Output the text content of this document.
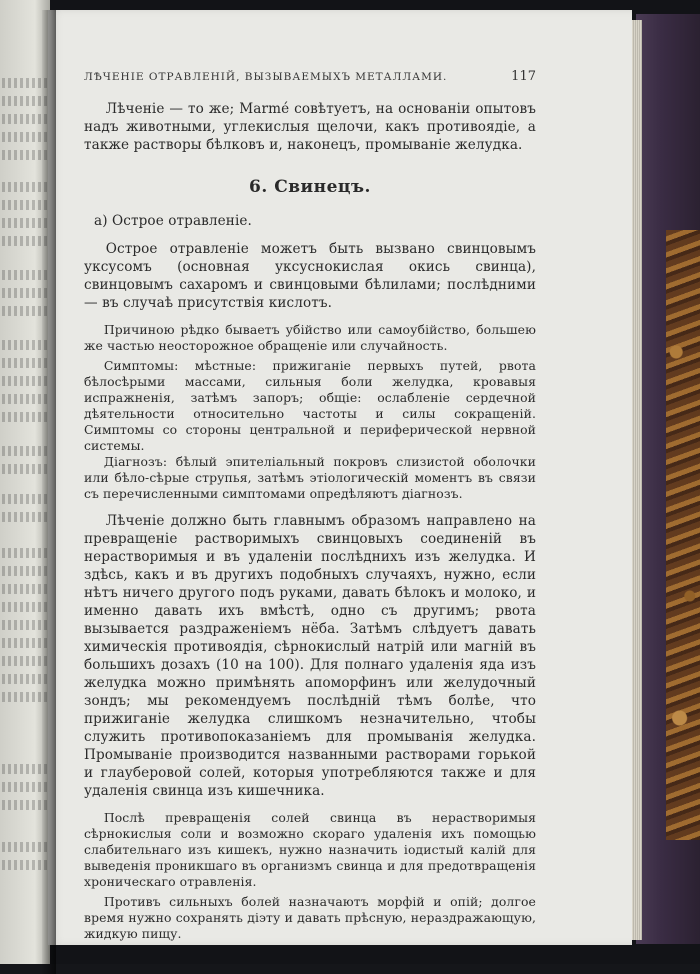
ЛѢЧЕНІЕ ОТРАВЛЕНІЙ, ВЫЗЫВАЕМЫХЪ МЕТАЛЛАМИ.	117

Лѣченіе — то же; Marmé совѣтуетъ, на основаніи опытовъ надъ животными, углекислыя щелочи, какъ противоядіе, а также растворы бѣлковъ и, наконецъ, промываніе желудка.

6. Свинецъ.

а) Острое отравленіе.

Острое отравленіе можетъ быть вызвано свинцовымъ уксусомъ (основная уксуснокислая окись свинца), свинцовымъ сахаромъ и свинцовыми бѣлилами; послѣдними — въ случаѣ присутствія кислотъ.

Причиною рѣдко бываетъ убійство или самоубійство, большею же частью неосторожное обращеніе или случайность.

Симптомы: мѣстные: прижиганіе первыхъ путей, рвота бѣлосѣрыми массами, сильныя боли желудка, кровавыя испражненія, затѣмъ запоръ; общіе: ослабленіе сердечной дѣятельности относительно частоты и силы сокращеній. Симптомы со стороны центральной и периферической нервной системы.

Діагнозъ: бѣлый эпителіальный покровъ слизистой оболочки или бѣло-сѣрые струпья, затѣмъ этіологическій моментъ въ связи съ перечисленными симптомами опредѣляютъ діагнозъ.

Лѣченіе должно быть главнымъ образомъ направлено на превращеніе растворимыхъ свинцовыхъ соединеній въ нерастворимыя и въ удаленіи послѣднихъ изъ желудка. И здѣсь, какъ и въ другихъ подобныхъ случаяхъ, нужно, если нѣтъ ничего другого подъ руками, давать бѣлокъ и молоко, и именно давать ихъ вмѣстѣ, одно съ другимъ; рвота вызывается раздраженіемъ нёба. Затѣмъ слѣдуетъ давать химическія противоядія, сѣрнокислый натрій или магній въ большихъ дозахъ (10 на 100). Для полнаго удаленія яда изъ желудка можно примѣнять апоморфинъ или желудочный зондъ; мы рекомендуемъ послѣдній тѣмъ болѣе, что прижиганіе желудка слишкомъ незначительно, чтобы служить противопоказаніемъ для промыванія желудка. Промываніе производится названными растворами горькой и глауберовой солей, которыя употребляются также и для удаленія свинца изъ кишечника.

Послѣ превращенія солей свинца въ нерастворимыя сѣрнокислыя соли и возможно скораго удаленія ихъ помощью слабительнаго изъ кишекъ, нужно назначить іодистый калій для выведенія проникшаго въ организмъ свинца и для предотвращенія хроническаго отравленія.

Противъ сильныхъ болей назначаютъ морфій и опій; долгое время нужно сохранять діэту и давать прѣсную, нераздражающую, жидкую пищу.
